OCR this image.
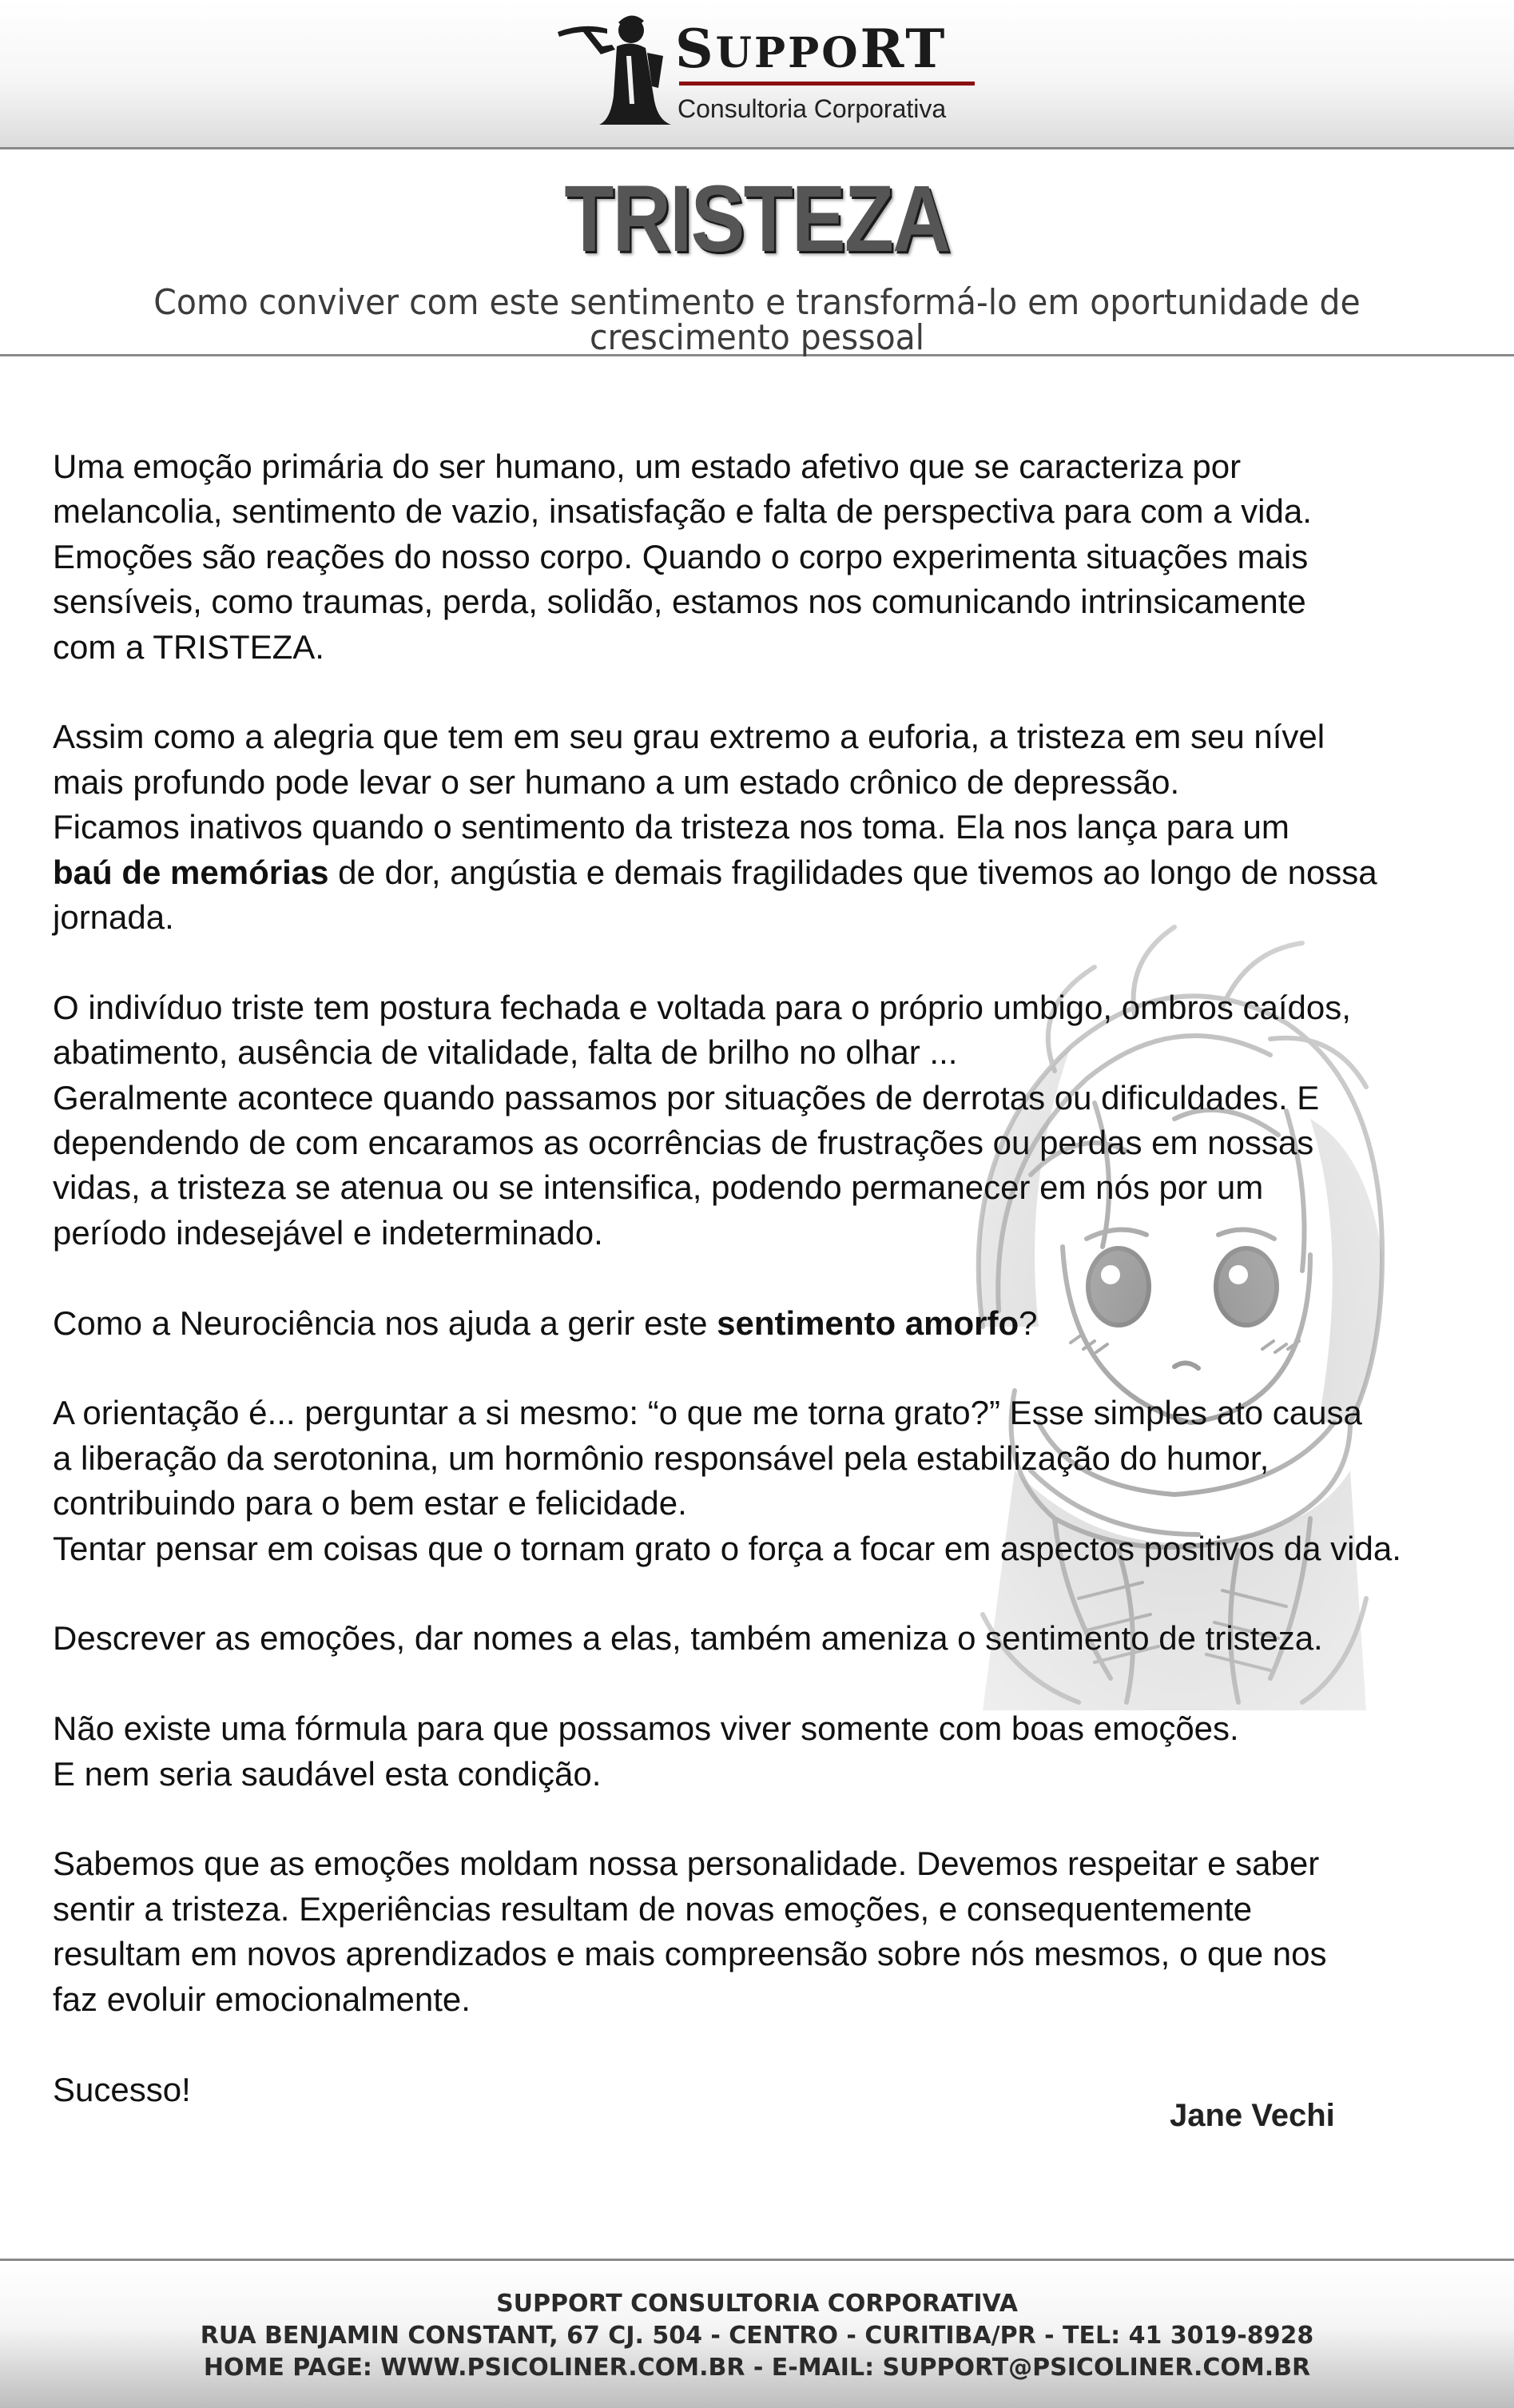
SUPPORT
Consultoria Corporativa
TRISTEZA
Como conviver com este sentimento e transformá-lo em oportunidade de crescimento pessoal

Uma emoção primária do ser humano, um estado afetivo que se caracteriza por
melancolia, sentimento de vazio, insatisfação e falta de perspectiva para com a vida.
Emoções são reações do nosso corpo. Quando o corpo experimenta situações mais
sensíveis, como traumas, perda, solidão, estamos nos comunicando intrinsicamente
com a TRISTEZA.

Assim como a alegria que tem em seu grau extremo a euforia, a tristeza em seu nível
mais profundo pode levar o ser humano a um estado crônico de depressão.
Ficamos inativos quando o sentimento da tristeza nos toma. Ela nos lança para um
baú de memórias de dor, angústia e demais fragilidades que tivemos ao longo de nossa
jornada.

O indivíduo triste tem postura fechada e voltada para o próprio umbigo, ombros caídos,
abatimento, ausência de vitalidade, falta de brilho no olhar ...
Geralmente acontece quando passamos por situações de derrotas ou dificuldades. E
dependendo de com encaramos as ocorrências de frustrações ou perdas em nossas
vidas, a tristeza se atenua ou se intensifica, podendo permanecer em nós por um
período indesejável e indeterminado.

Como a Neurociência nos ajuda a gerir este sentimento amorfo?

A orientação é... perguntar a si mesmo: “o que me torna grato?” Esse simples ato causa
a liberação da serotonina, um hormônio responsável pela estabilização do humor,
contribuindo para o bem estar e felicidade.
Tentar pensar em coisas que o tornam grato o força a focar em aspectos positivos da vida.

Descrever as emoções, dar nomes a elas, também ameniza o sentimento de tristeza.

Não existe uma fórmula para que possamos viver somente com boas emoções.
E nem seria saudável esta condição.

Sabemos que as emoções moldam nossa personalidade. Devemos respeitar e saber
sentir a tristeza. Experiências resultam de novas emoções, e consequentemente
resultam em novos aprendizados e mais compreensão sobre nós mesmos, o que nos
faz evoluir emocionalmente.

Sucesso!

Jane Vechi
SUPPORT CONSULTORIA CORPORATIVA
RUA BENJAMIN CONSTANT, 67 CJ. 504 - CENTRO - CURITIBA/PR - TEL: 41 3019-8928
HOME PAGE: WWW.PSICOLINER.COM.BR - E-MAIL: SUPPORT@PSICOLINER.COM.BR
